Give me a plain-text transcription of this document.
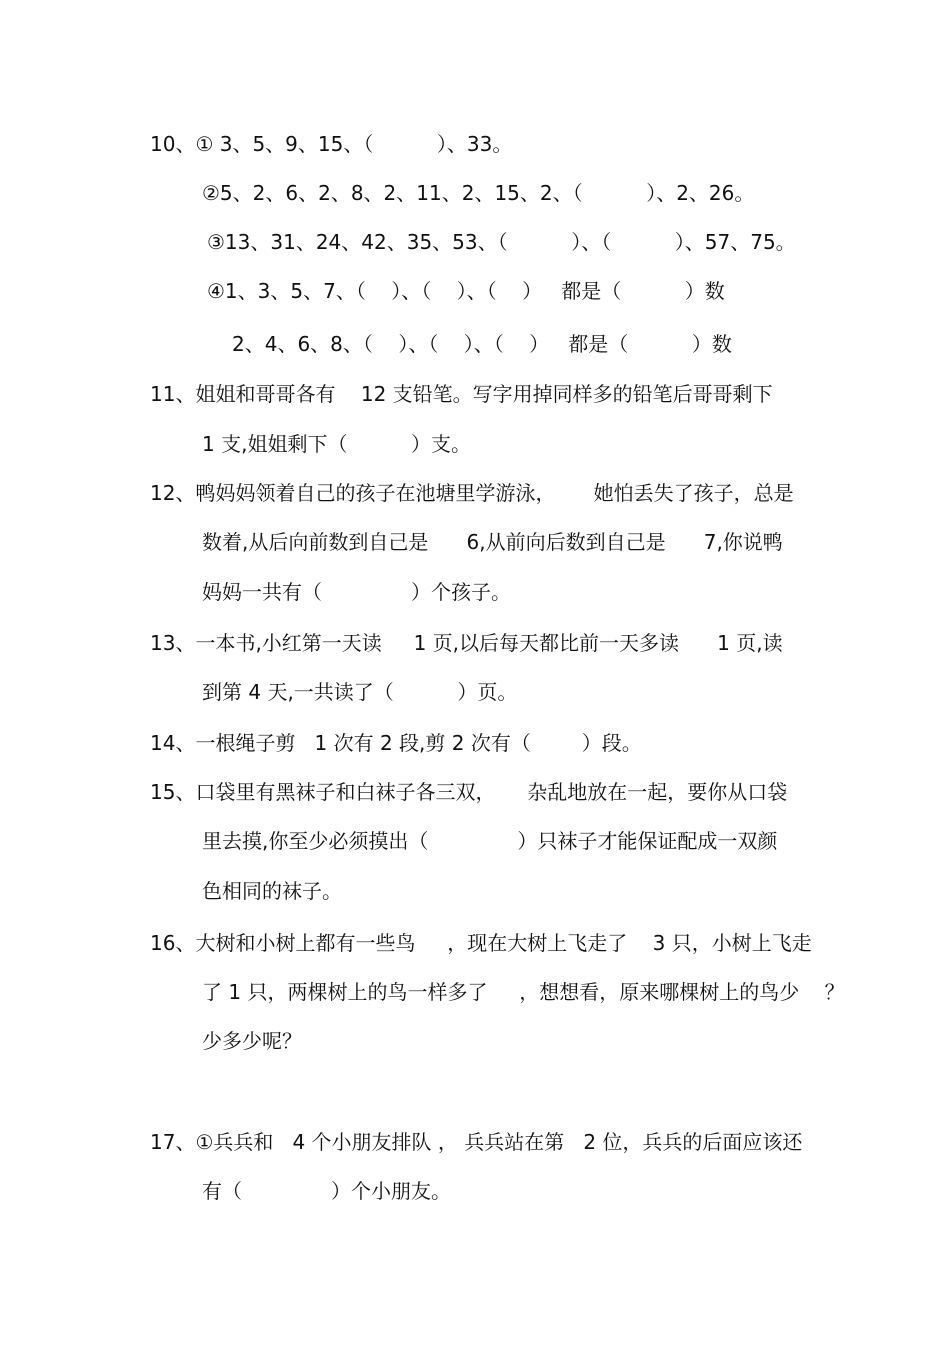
10、① 3、5、9、15、（          ）、33。
②5、2、6、2、8、2、11、2、15、2、（          ）、2、26。
③13、31、24、42、35、53、（          ）、（          ）、57、75。
④1、3、5、7、（    ）、（    ）、（    ）   都是（          ）数
2、4、6、8、（    ）、（    ）、（    ）   都是（          ）数
11、姐姐和哥哥各有    12 支铅笔。写字用掉同样多的铅笔后哥哥剩下
1 支,姐姐剩下（          ）支。
12、鸭妈妈领着自己的孩子在池塘里学游泳，      她怕丢失了孩子，总是
数着,从后向前数到自己是      6,从前向后数到自己是      7,你说鸭
妈妈一共有（              ）个孩子。
13、一本书,小红第一天读     1 页,以后每天都比前一天多读      1 页,读
到第 4 天,一共读了（          ）页。
14、一根绳子剪   1 次有 2 段,剪 2 次有（        ）段。
15、口袋里有黑袜子和白袜子各三双，     杂乱地放在一起，要你从口袋
里去摸,你至少必须摸出（              ）只袜子才能保证配成一双颜
色相同的袜子。
16、大树和小树上都有一些鸟     ，现在大树上飞走了    3 只，小树上飞走
了 1 只，两棵树上的鸟一样多了     ，想想看，原来哪棵树上的鸟少    ？
少多少呢？
17、①兵兵和   4 个小朋友排队 ， 兵兵站在第   2 位，兵兵的后面应该还
有（              ）个小朋友。
